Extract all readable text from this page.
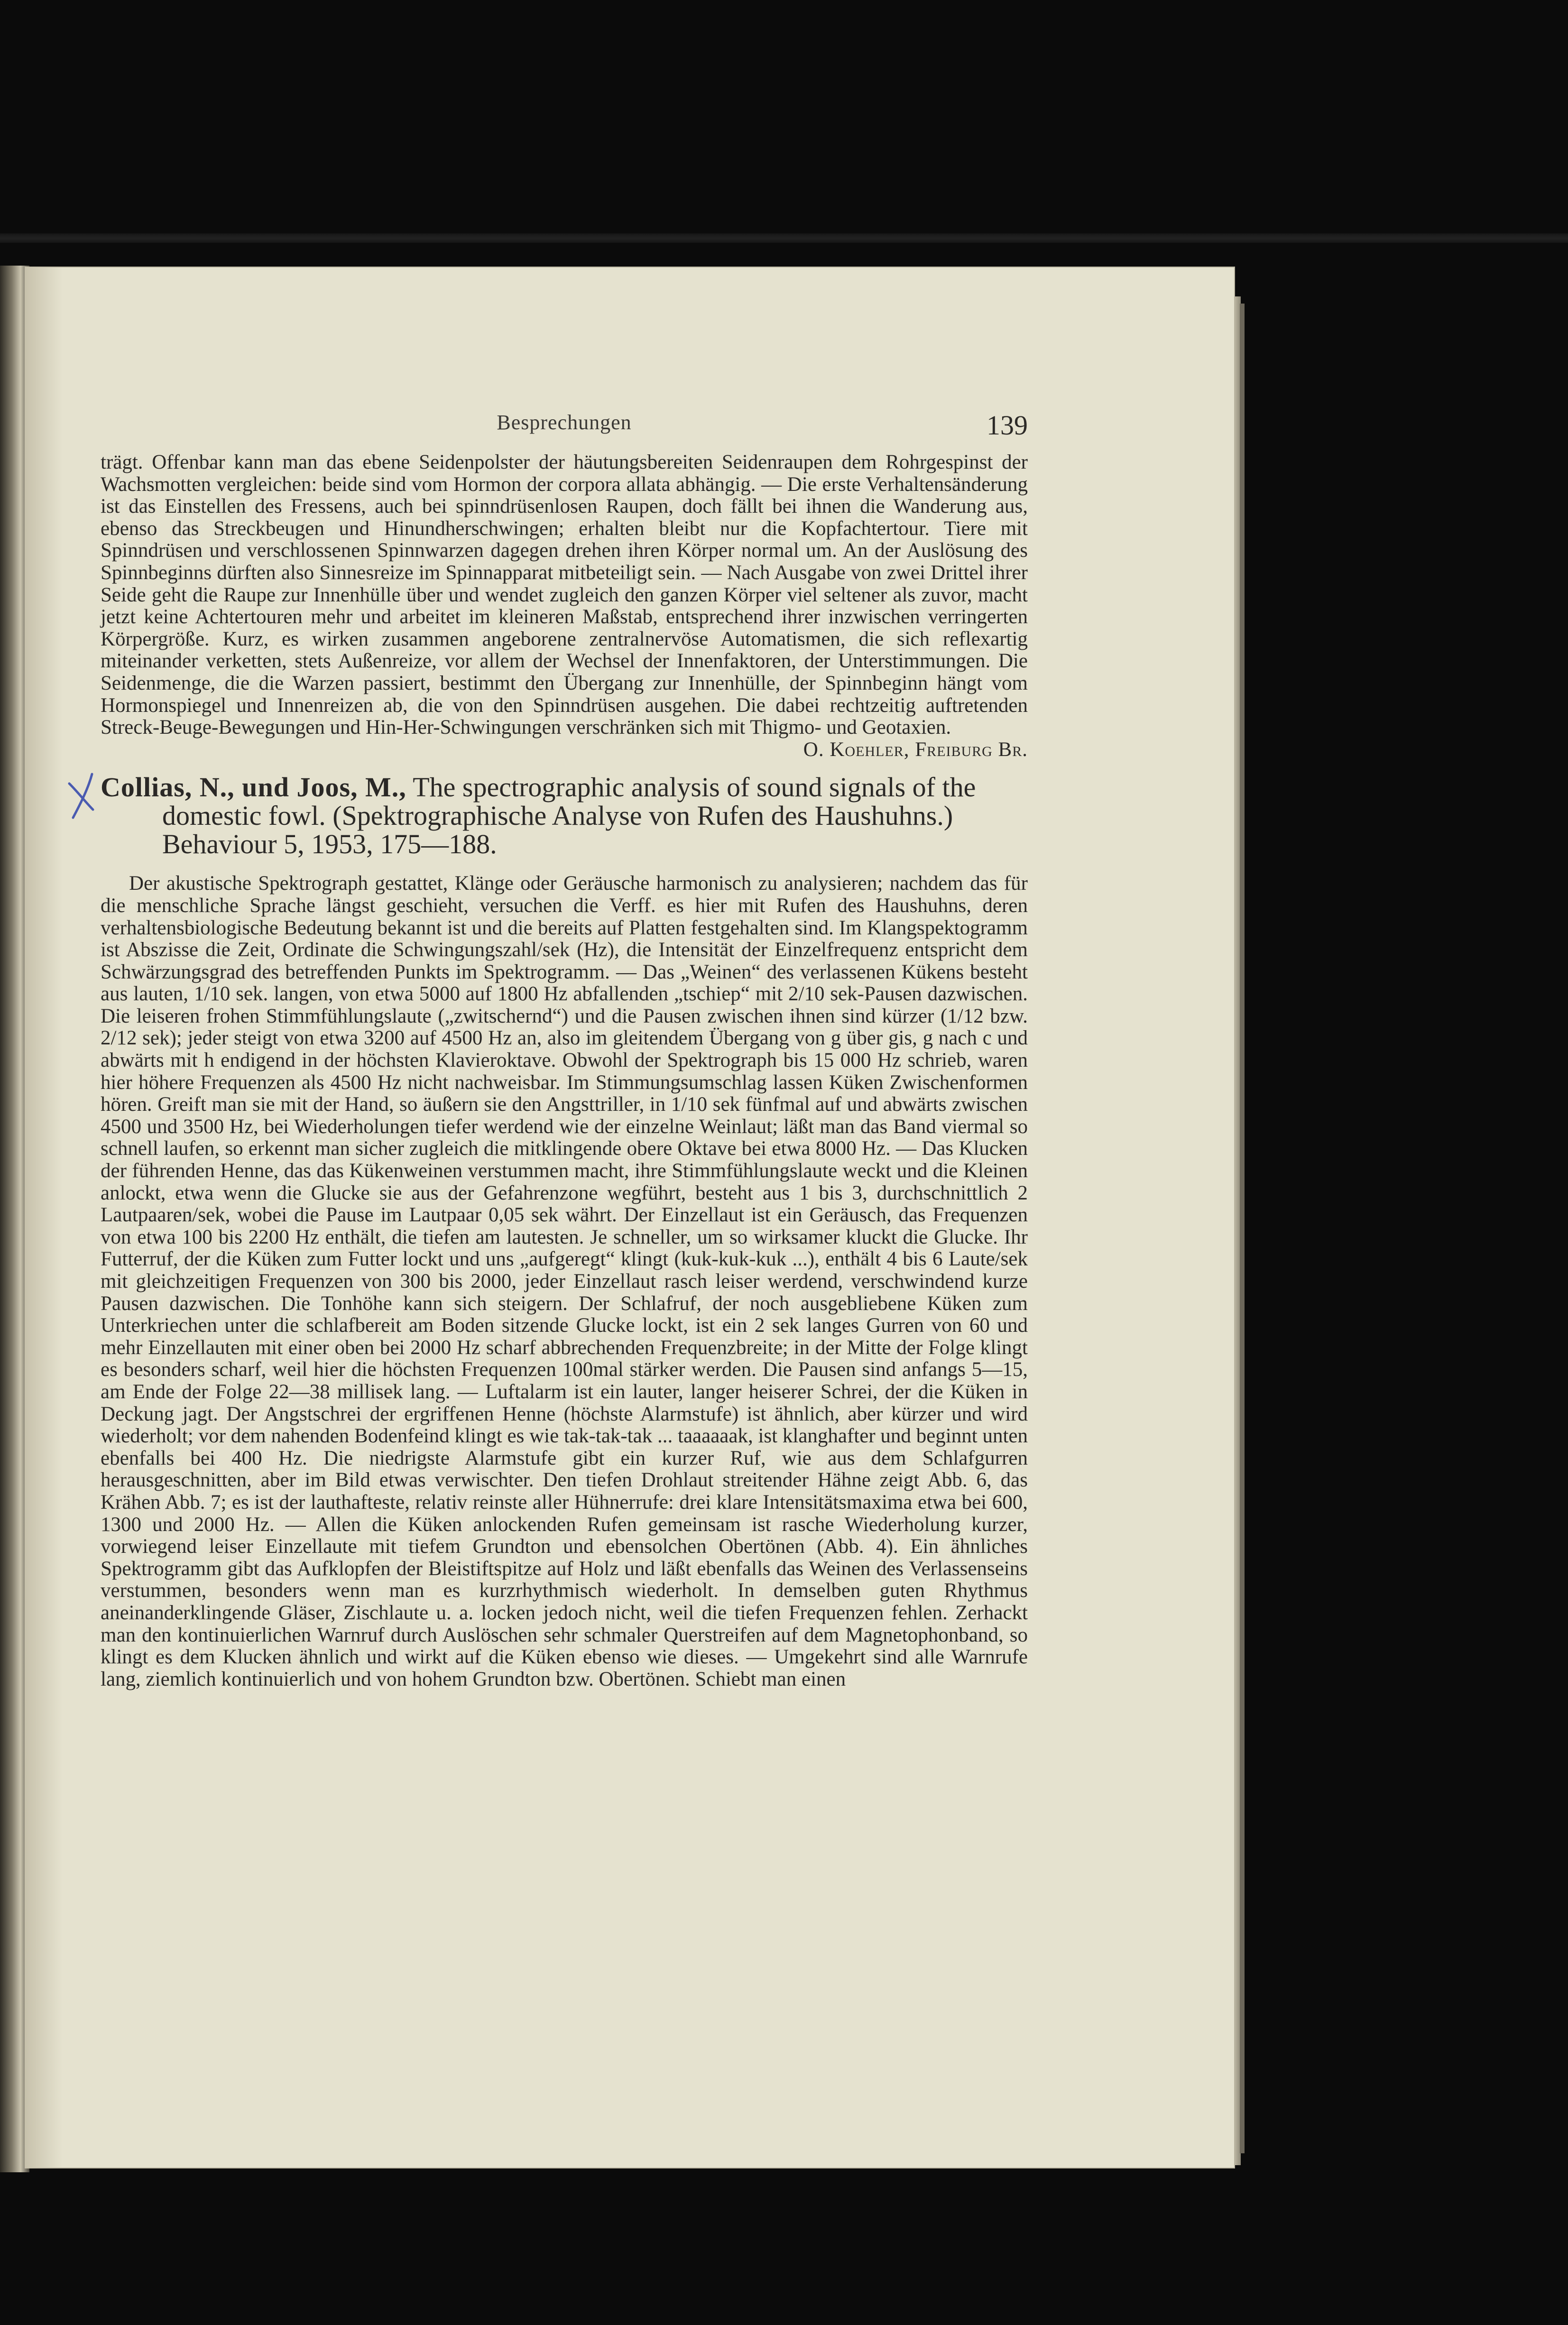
Besprechungen	139

trägt. Offenbar kann man das ebene Seidenpolster der häutungsbereiten Seidenraupen dem Rohrgespinst der Wachsmotten vergleichen: beide sind vom Hormon der corpora allata abhängig. — Die erste Verhaltensänderung ist das Einstellen des Fressens, auch bei spinndrüsenlosen Raupen, doch fällt bei ihnen die Wanderung aus, ebenso das Streckbeugen und Hinundherschwingen; erhalten bleibt nur die Kopfachtertour. Tiere mit Spinndrüsen und verschlossenen Spinnwarzen dagegen drehen ihren Körper normal um. An der Auslösung des Spinnbeginns dürften also Sinnesreize im Spinnapparat mitbeteiligt sein. — Nach Ausgabe von zwei Drittel ihrer Seide geht die Raupe zur Innenhülle über und wendet zugleich den ganzen Körper viel seltener als zuvor, macht jetzt keine Achtertouren mehr und arbeitet im kleineren Maßstab, entsprechend ihrer inzwischen verringerten Körpergröße. Kurz, es wirken zusammen angeborene zentralnervöse Automatismen, die sich reflexartig miteinander verketten, stets Außenreize, vor allem der Wechsel der Innenfaktoren, der Unterstimmungen. Die Seidenmenge, die die Warzen passiert, bestimmt den Übergang zur Innenhülle, der Spinnbeginn hängt vom Hormonspiegel und Innenreizen ab, die von den Spinndrüsen ausgehen. Die dabei rechtzeitig auftretenden Streck-Beuge-Bewegungen und Hin-Her-Schwingungen verschränken sich mit Thigmo- und Geotaxien.

O. Koehler, Freiburg Br.

Collias, N., und Joos, M., The spectrographic analysis of sound signals of the
domestic fowl. (Spektrographische Analyse von Rufen des Haushuhns.)
Behaviour 5, 1953, 175—188.

Der akustische Spektrograph gestattet, Klänge oder Geräusche harmonisch zu analysieren; nachdem das für die menschliche Sprache längst geschieht, versuchen die Verff. es hier mit Rufen des Haushuhns, deren verhaltensbiologische Bedeutung bekannt ist und die bereits auf Platten festgehalten sind. Im Klangspektogramm ist Abszisse die Zeit, Ordinate die Schwingungszahl/sek (Hz), die Intensität der Einzelfrequenz entspricht dem Schwärzungsgrad des betreffenden Punkts im Spektrogramm. — Das „Weinen“ des verlassenen Kükens besteht aus lauten, 1/10 sek. langen, von etwa 5000 auf 1800 Hz abfallenden „tschiep“ mit 2/10 sek-Pausen dazwischen. Die leiseren frohen Stimmfühlungslaute („zwitschernd“) und die Pausen zwischen ihnen sind kürzer (1/12 bzw. 2/12 sek); jeder steigt von etwa 3200 auf 4500 Hz an, also im gleitendem Übergang von g über gis, g nach c und abwärts mit h endigend in der höchsten Klavieroktave. Obwohl der Spektrograph bis 15 000 Hz schrieb, waren hier höhere Frequenzen als 4500 Hz nicht nachweisbar. Im Stimmungsumschlag lassen Küken Zwischenformen hören. Greift man sie mit der Hand, so äußern sie den Angsttriller, in 1/10 sek fünfmal auf und abwärts zwischen 4500 und 3500 Hz, bei Wiederholungen tiefer werdend wie der einzelne Weinlaut; läßt man das Band viermal so schnell laufen, so erkennt man sicher zugleich die mitklingende obere Oktave bei etwa 8000 Hz. — Das Klucken der führenden Henne, das das Kükenweinen verstummen macht, ihre Stimmfühlungslaute weckt und die Kleinen anlockt, etwa wenn die Glucke sie aus der Gefahrenzone wegführt, besteht aus 1 bis 3, durchschnittlich 2 Lautpaaren/sek, wobei die Pause im Lautpaar 0,05 sek währt. Der Einzellaut ist ein Geräusch, das Frequenzen von etwa 100 bis 2200 Hz enthält, die tiefen am lautesten. Je schneller, um so wirksamer kluckt die Glucke. Ihr Futterruf, der die Küken zum Futter lockt und uns „aufgeregt“ klingt (kuk-kuk-kuk ...), enthält 4 bis 6 Laute/sek mit gleichzeitigen Frequenzen von 300 bis 2000, jeder Einzellaut rasch leiser werdend, verschwindend kurze Pausen dazwischen. Die Tonhöhe kann sich steigern. Der Schlafruf, der noch ausgebliebene Küken zum Unterkriechen unter die schlafbereit am Boden sitzende Glucke lockt, ist ein 2 sek langes Gurren von 60 und mehr Einzellauten mit einer oben bei 2000 Hz scharf abbrechenden Frequenzbreite; in der Mitte der Folge klingt es besonders scharf, weil hier die höchsten Frequenzen 100mal stärker werden. Die Pausen sind anfangs 5—15, am Ende der Folge 22—38 millisek lang. — Luftalarm ist ein lauter, langer heiserer Schrei, der die Küken in Deckung jagt. Der Angstschrei der ergriffenen Henne (höchste Alarmstufe) ist ähnlich, aber kürzer und wird wiederholt; vor dem nahenden Bodenfeind klingt es wie tak-tak-tak ... taaaaaak, ist klanghafter und beginnt unten ebenfalls bei 400 Hz. Die niedrigste Alarmstufe gibt ein kurzer Ruf, wie aus dem Schlafgurren herausgeschnitten, aber im Bild etwas verwischter. Den tiefen Drohlaut streitender Hähne zeigt Abb. 6, das Krähen Abb. 7; es ist der lauthafteste, relativ reinste aller Hühnerrufe: drei klare Intensitätsmaxima etwa bei 600, 1300 und 2000 Hz. — Allen die Küken anlockenden Rufen gemeinsam ist rasche Wiederholung kurzer, vorwiegend leiser Einzellaute mit tiefem Grundton und ebensolchen Obertönen (Abb. 4). Ein ähnliches Spektrogramm gibt das Aufklopfen der Bleistiftspitze auf Holz und läßt ebenfalls das Weinen des Verlassenseins verstummen, besonders wenn man es kurzrhythmisch wiederholt. In demselben guten Rhythmus aneinanderklingende Gläser, Zischlaute u. a. locken jedoch nicht, weil die tiefen Frequenzen fehlen. Zerhackt man den kontinuierlichen Warnruf durch Auslöschen sehr schmaler Querstreifen auf dem Magnetophonband, so klingt es dem Klucken ähnlich und wirkt auf die Küken ebenso wie dieses. — Umgekehrt sind alle Warnrufe lang, ziemlich kontinuierlich und von hohem Grundton bzw. Obertönen. Schiebt man einen
